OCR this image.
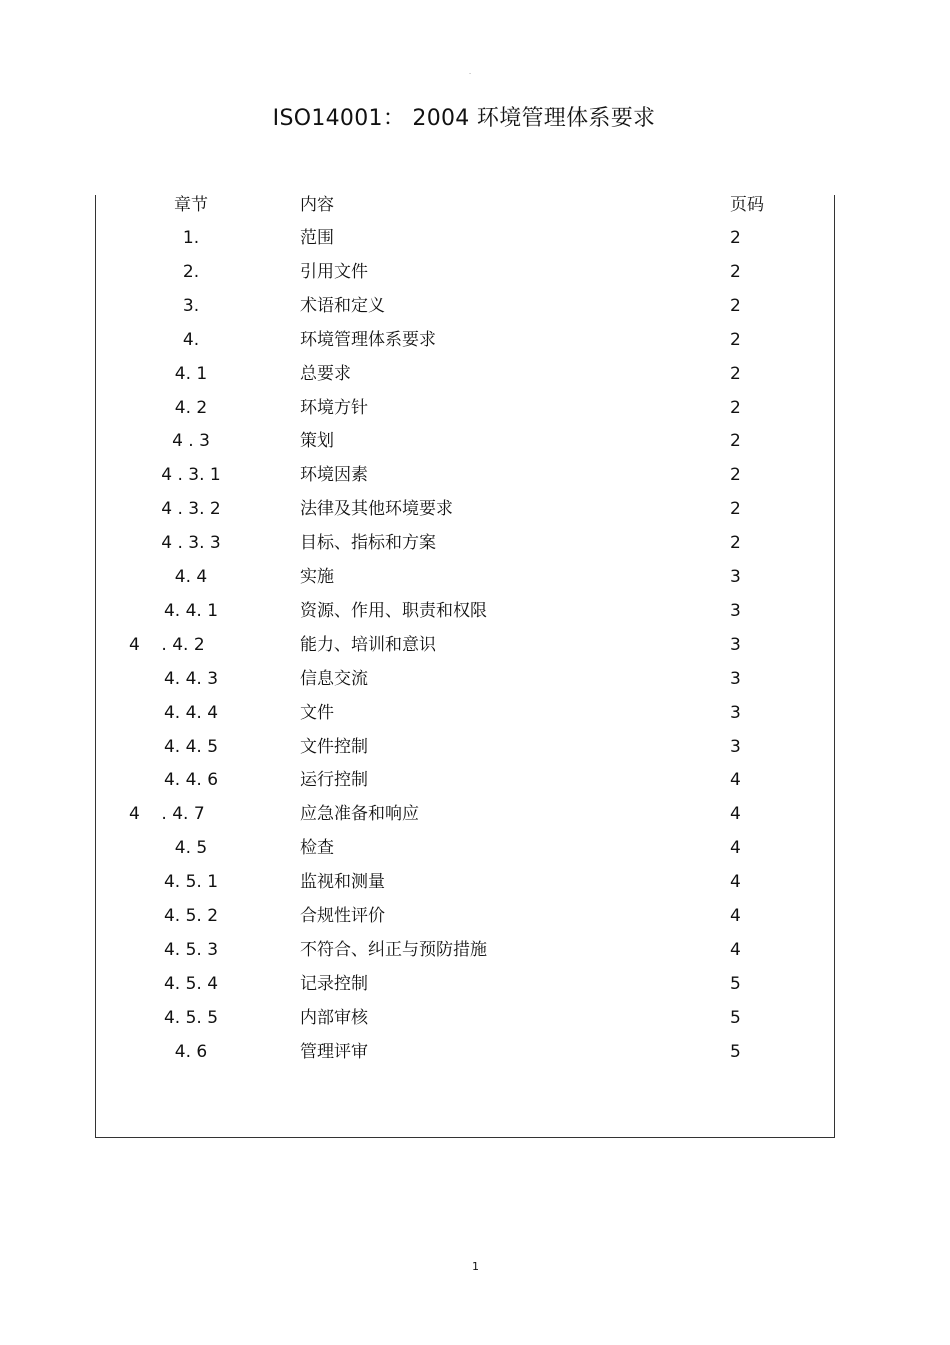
-
ISO14001： 2004 环境管理体系要求
章节	内容	页码
1.	范围	2
2.	引用文件	2
3.	术语和定义	2
4.	环境管理体系要求	2
4. 1	总要求	2
4. 2	环境方针	2
4 . 3	策划	2
4 . 3. 1	环境因素	2
4 . 3. 2	法律及其他环境要求	2
4 . 3. 3	目标、指标和方案	2
4. 4	实施	3
4. 4. 1	资源、作用、职责和权限	3
4    . 4. 2	能力、培训和意识	3
4. 4. 3	信息交流	3
4. 4. 4	文件	3
4. 4. 5	文件控制	3
4. 4. 6	运行控制	4
4    . 4. 7	应急准备和响应	4
4. 5	检查	4
4. 5. 1	监视和测量	4
4. 5. 2	合规性评价	4
4. 5. 3	不符合、纠正与预防措施	4
4. 5. 4	记录控制	5
4. 5. 5	内部审核	5
4. 6	管理评审	5
1
